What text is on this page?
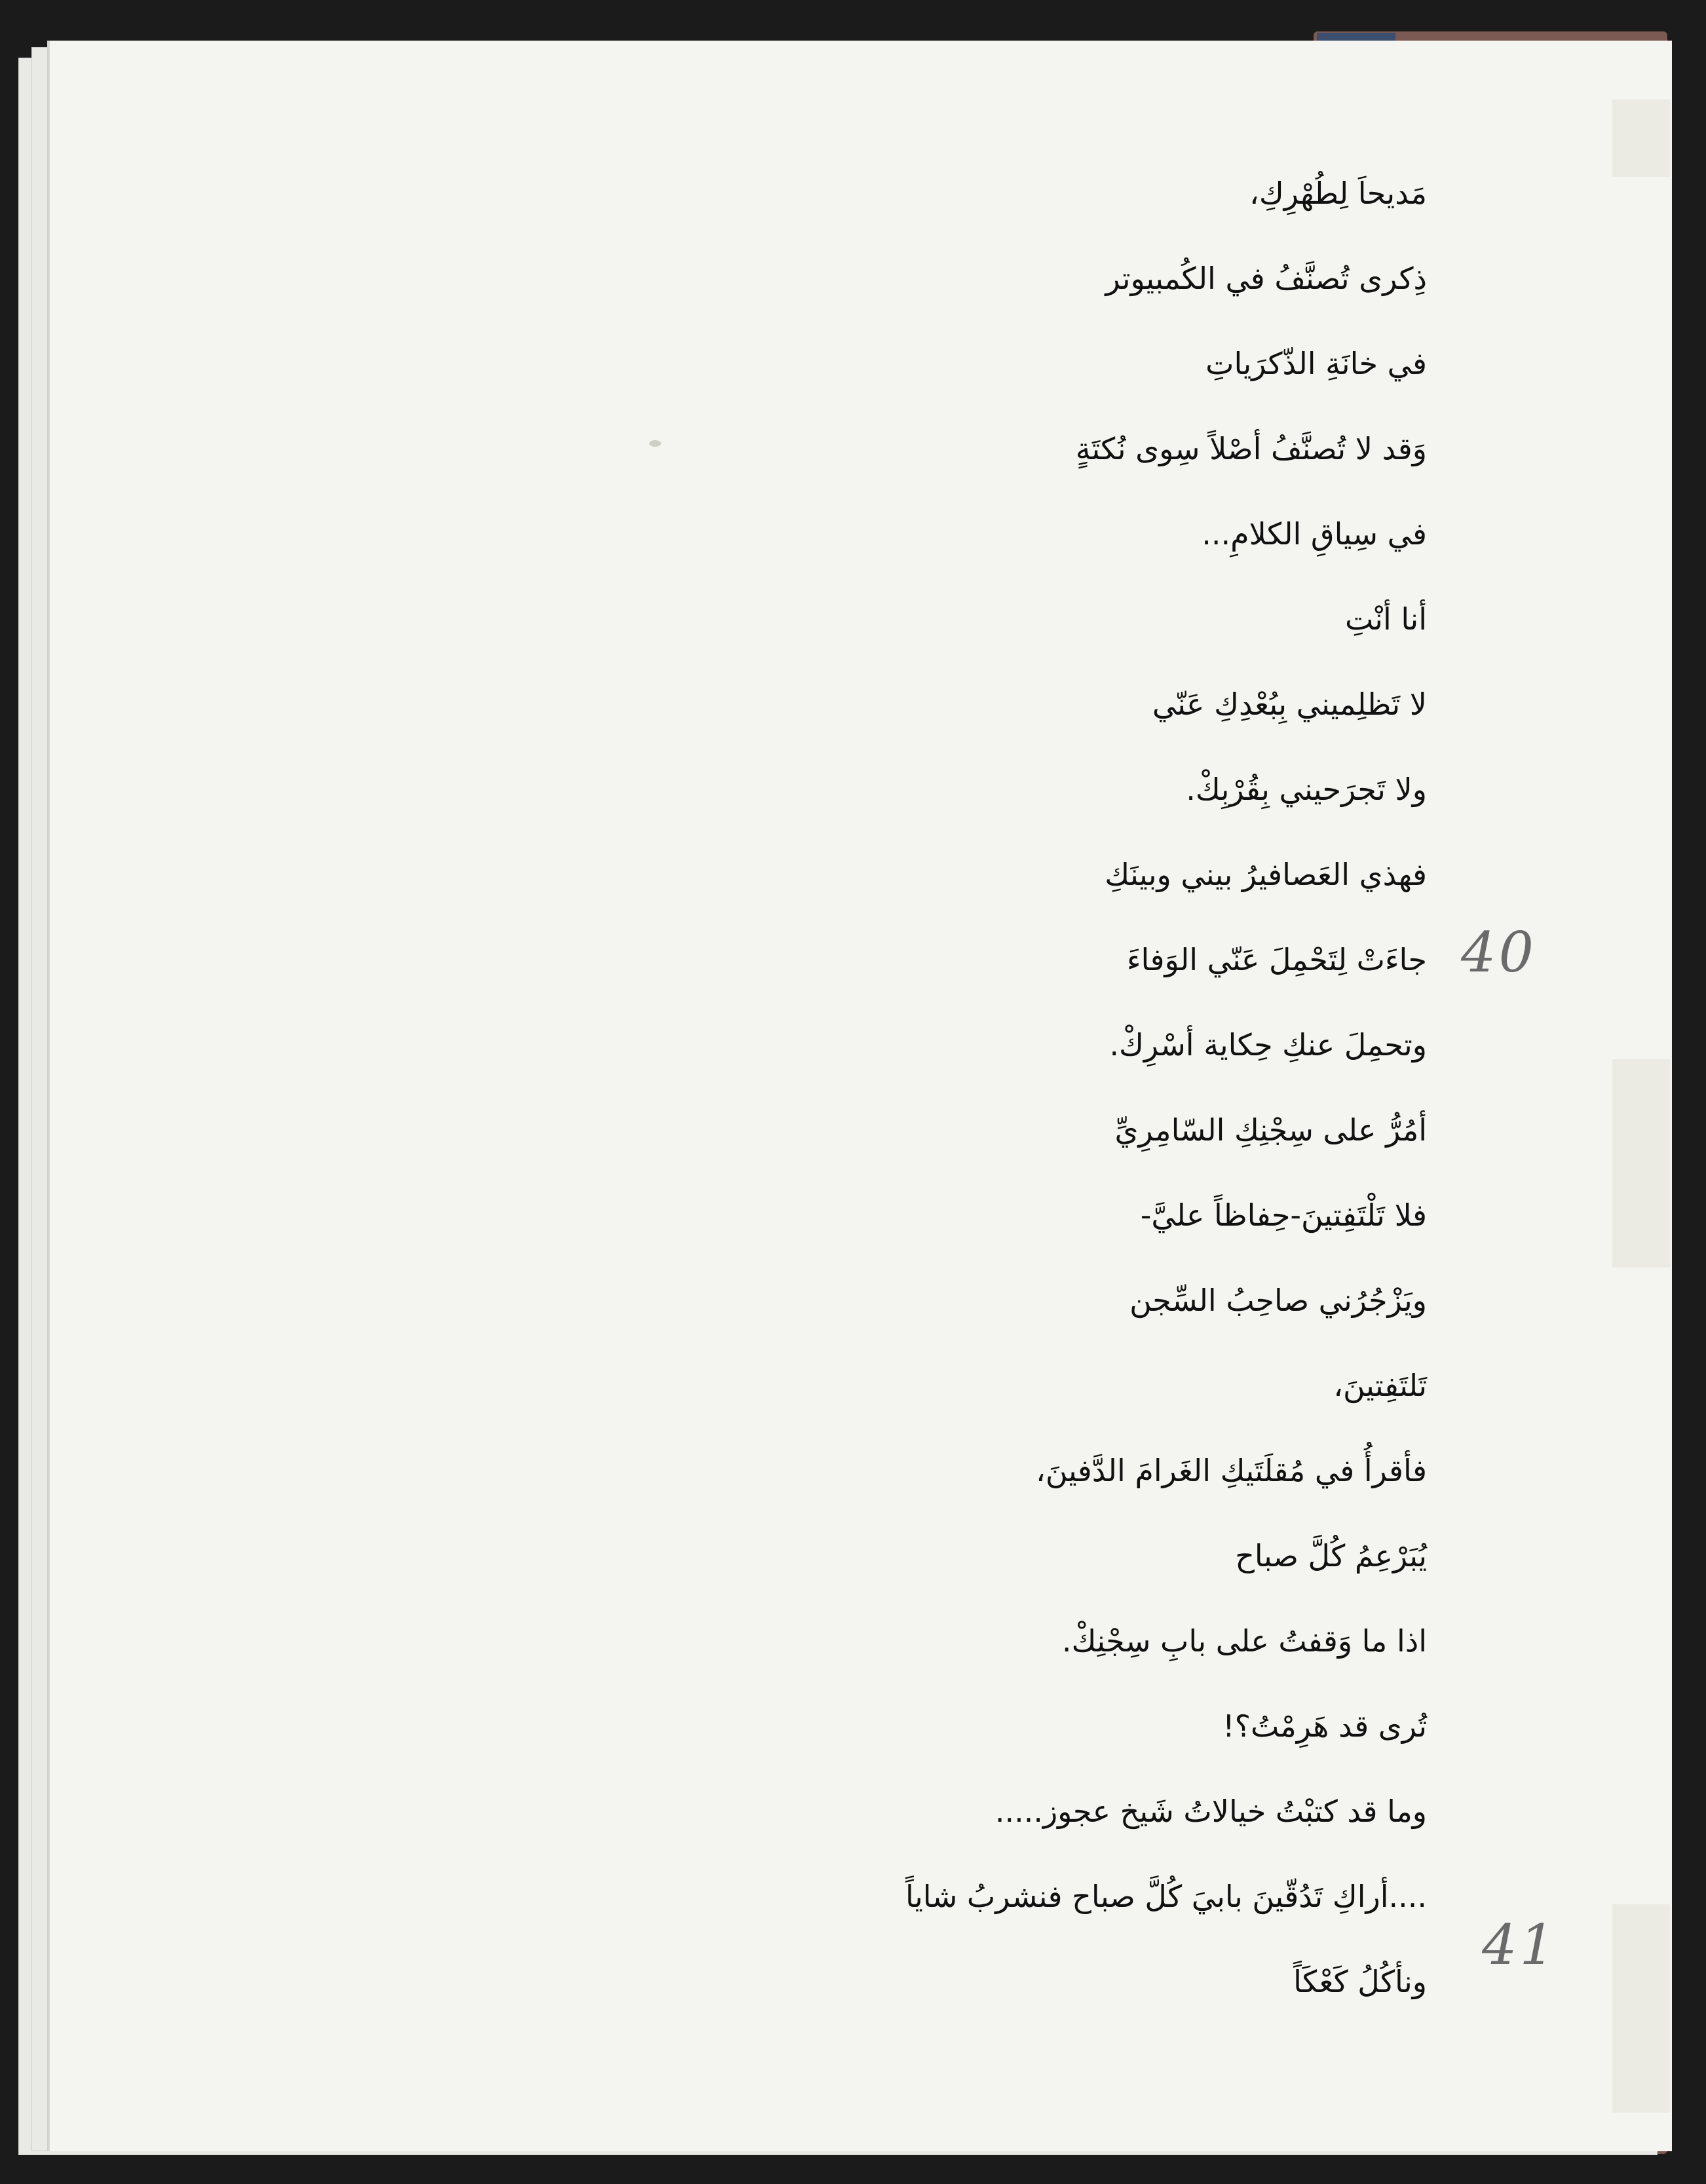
مَديحاَ لِطُهْرِكِ،
ذِكرى تُصنَّفُ في الكُمبيوتر
في خانَةِ الذّكرَياتِ
وَقد لا تُصنَّفُ أصْلاً سِوى نُكتَةٍ
في سِياقِ الكلامِ...
أنا أنْتِ
لا تَظلِميني بِبُعْدِكِ عَنّي
ولا تَجرَحيني بِقُرْبِكْ.
فهذي العَصافيرُ بيني وبينَكِ
جاءَتْ لِتَحْمِلَ عَنّي الوَفاءَ
وتحمِلَ عنكِ حِكاية أسْرِكْ.
أمُرُّ على سِجْنِكِ السّامِرِيِّ
فلا تَلْتَفِتينَ-حِفاظاً عليَّ-
ويَزْجُرُني صاحِبُ السِّجن
تَلتَفِتينَ،
فأقرأُ في مُقلَتَيكِ الغَرامَ الدَّفينَ،
يُبَرْعِمُ كُلَّ صباح
اذا ما وَقفتُ على بابِ سِجْنِكْ.
تُرى قد هَرِمْتُ؟!
وما قد كتبْتُ خيالاتُ شَيخ عجوز.....
....أراكِ تَدُقّينَ بابيَ كُلَّ صباح فنشربُ شاياً
ونأكُلُ كَعْكَاً
40
41
